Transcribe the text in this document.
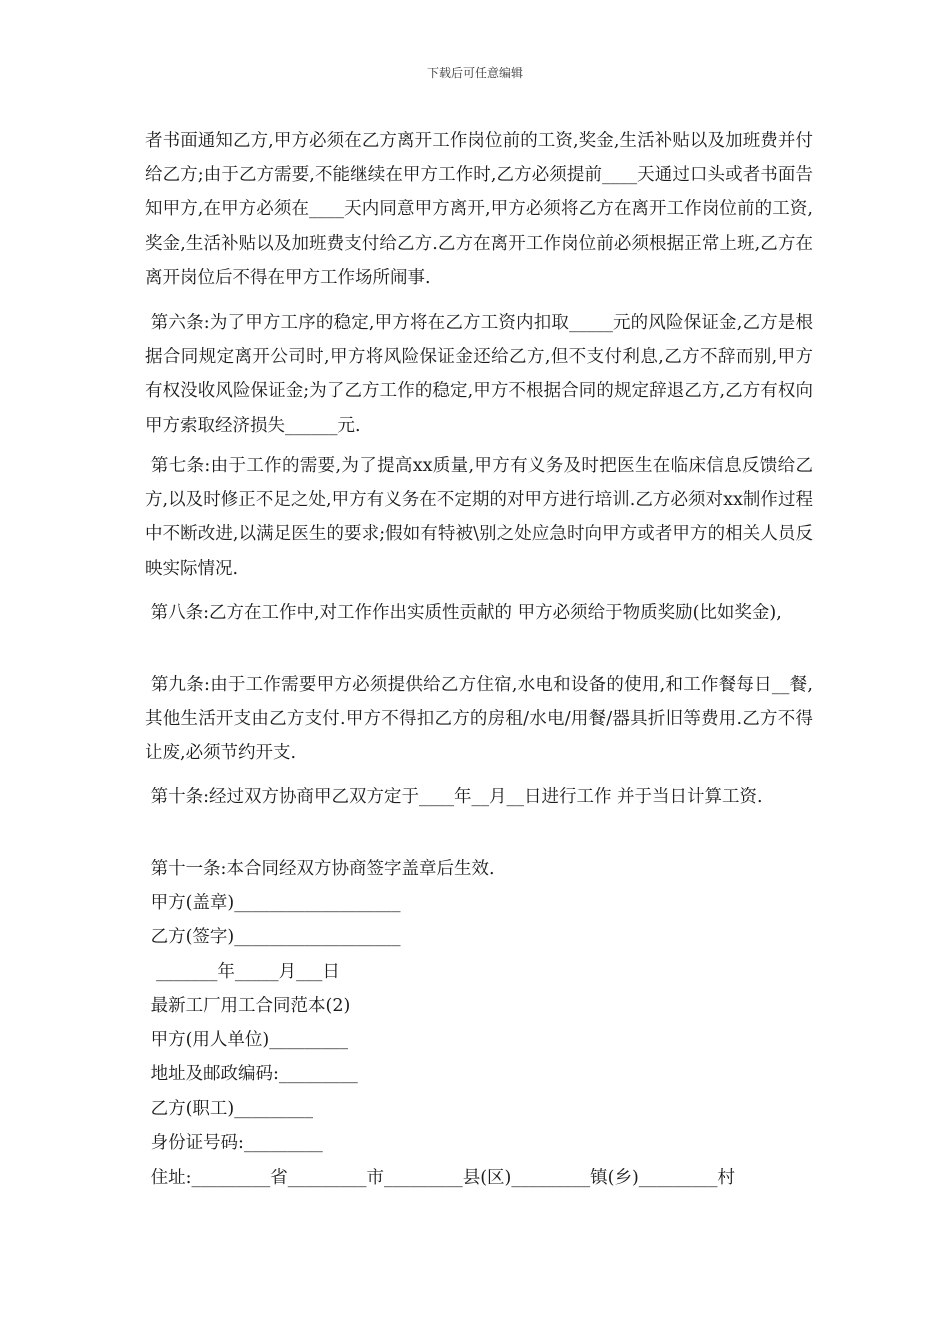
下载后可任意编辑

者书面通知乙方,甲方必须在乙方离开工作岗位前的工资,奖金,生活补贴以及加班费并付给乙方;由于乙方需要,不能继续在甲方工作时,乙方必须提前____天通过口头或者书面告知甲方,在甲方必须在____天内同意甲方离开,甲方必须将乙方在离开工作岗位前的工资,奖金,生活补贴以及加班费支付给乙方.乙方在离开工作岗位前必须根据正常上班,乙方在离开岗位后不得在甲方工作场所闹事.

第六条:为了甲方工序的稳定,甲方将在乙方工资内扣取_____元的风险保证金,乙方是根据合同规定离开公司时,甲方将风险保证金还给乙方,但不支付利息,乙方不辞而别,甲方有权没收风险保证金;为了乙方工作的稳定,甲方不根据合同的规定辞退乙方,乙方有权向甲方索取经济损失______元.

第七条:由于工作的需要,为了提高xx质量,甲方有义务及时把医生在临床信息反馈给乙方,以及时修正不足之处,甲方有义务在不定期的对甲方进行培训.乙方必须对xx制作过程中不断改进,以满足医生的要求;假如有特被\别之处应急时向甲方或者甲方的相关人员反映实际情况.

第八条:乙方在工作中,对工作作出实质性贡献的 甲方必须给于物质奖励(比如奖金),

第九条:由于工作需要甲方必须提供给乙方住宿,水电和设备的使用,和工作餐每日__餐,其他生活开支由乙方支付.甲方不得扣乙方的房租/水电/用餐/器具折旧等费用.乙方不得让废,必须节约开支.

第十条:经过双方协商甲乙双方定于____年__月__日进行工作 并于当日计算工资.

第十一条:本合同经双方协商签字盖章后生效.

甲方(盖章)___________________

乙方(签字)___________________

_______年_____月___日

最新工厂用工合同范本(2)

甲方(用人单位)_________

地址及邮政编码:_________

乙方(职工)_________

身份证号码:_________

住址:_________省_________市_________县(区)_________镇(乡)_________村
